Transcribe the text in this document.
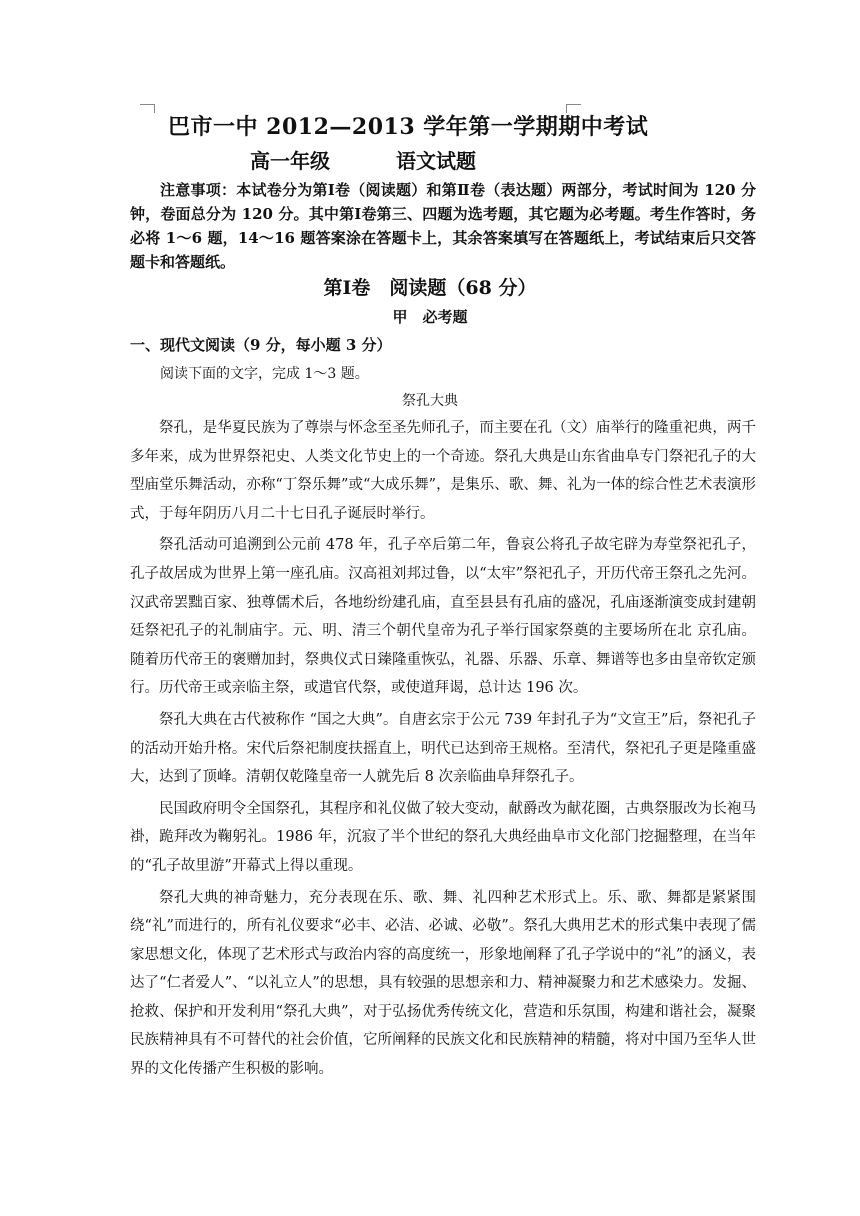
巴市一中 2012—2013 学年第一学期期中考试
高一年级	语文试题

注意事项：本试卷分为第Ⅰ卷（阅读题）和第Ⅱ卷（表达题）两部分，考试时间为 120 分钟，卷面总分为 120 分。其中第Ⅰ卷第三、四题为选考题，其它题为必考题。考生作答时，务必将 1～6 题，14～16 题答案涂在答题卡上，其余答案填写在答题纸上，考试结束后只交答题卡和答题纸。

第Ⅰ卷　阅读题（68 分）
甲　必考题
一、现代文阅读（9 分，每小题 3 分）
阅读下面的文字，完成 1～3 题。
祭孔大典

祭孔，是华夏民族为了尊崇与怀念至圣先师孔子，而主要在孔（文）庙举行的隆重祀典，两千多年来，成为世界祭祀史、人类文化节史上的一个奇迹。祭孔大典是山东省曲阜专门祭祀孔子的大型庙堂乐舞活动，亦称“丁祭乐舞”或“大成乐舞”，是集乐、歌、舞、礼为一体的综合性艺术表演形式，于每年阴历八月二十七日孔子诞辰时举行。

祭孔活动可追溯到公元前 478 年，孔子卒后第二年，鲁哀公将孔子故宅辟为寿堂祭祀孔子，孔子故居成为世界上第一座孔庙。汉高祖刘邦过鲁，以“太牢”祭祀孔子，开历代帝王祭孔之先河。汉武帝罢黜百家、独尊儒术后，各地纷纷建孔庙，直至县县有孔庙的盛况，孔庙逐渐演变成封建朝廷祭祀孔子的礼制庙宇。元、明、清三个朝代皇帝为孔子举行国家祭奠的主要场所在北 京孔庙。随着历代帝王的褒赠加封，祭典仪式日臻隆重恢弘，礼器、乐器、乐章、舞谱等也多由皇帝钦定颁行。历代帝王或亲临主祭，或遣官代祭，或使道拜谒，总计达 196 次。

祭孔大典在古代被称作 “国之大典”。自唐玄宗于公元 739 年封孔子为“文宣王”后，祭祀孔子的活动开始升格。宋代后祭祀制度扶摇直上，明代已达到帝王规格。至清代，祭祀孔子更是隆重盛大，达到了顶峰。清朝仅乾隆皇帝一人就先后 8 次亲临曲阜拜祭孔子。

民国政府明令全国祭孔，其程序和礼仪做了较大变动，献爵改为献花圈，古典祭服改为长袍马褂，跪拜改为鞠躬礼。1986 年，沉寂了半个世纪的祭孔大典经曲阜市文化部门挖掘整理，在当年的“孔子故里游”开幕式上得以重现。

祭孔大典的神奇魅力，充分表现在乐、歌、舞、礼四种艺术形式上。乐、歌、舞都是紧紧围绕“礼”而进行的，所有礼仪要求“必丰、必洁、必诚、必敬”。祭孔大典用艺术的形式集中表现了儒家思想文化，体现了艺术形式与政治内容的高度统一，形象地阐释了孔子学说中的“礼”的涵义，表达了“仁者爱人”、“以礼立人”的思想，具有较强的思想亲和力、精神凝聚力和艺术感染力。发掘、抢救、保护和开发利用“祭孔大典”，对于弘扬优秀传统文化，营造和乐氛围，构建和谐社会，凝聚民族精神具有不可替代的社会价值，它所阐释的民族文化和民族精神的精髓，将对中国乃至华人世界的文化传播产生积极的影响。
